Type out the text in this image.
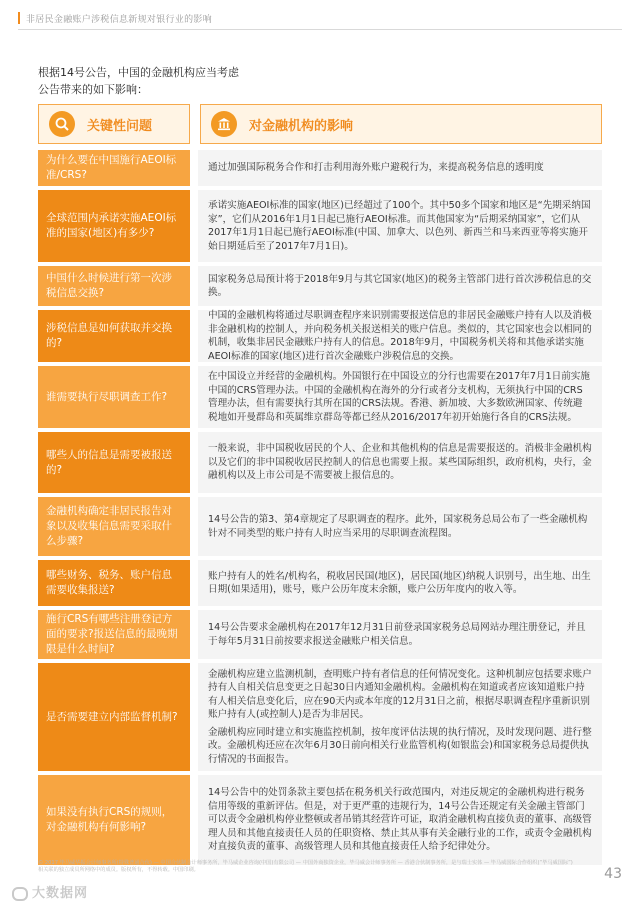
非居民金融账户涉税信息新规对银行业的影响
根据14号公告，中国的金融机构应当考虑
公告带来的如下影响：
关键性问题	对金融机构的影响
为什么要在中国施行AEOI标准/CRS?

通过加强国际税务合作和打击利用海外账户避税行为，来提高税务信息的透明度

全球范围内承诺实施AEOI标准的国家(地区)有多少?

承诺实施AEOI标准的国家(地区)已经超过了100个。其中50多个国家和地区是“先期采纳国家”，它们从2016年1月1日起已施行AEOI标准。而其他国家为“后期采纳国家”，它们从2017年1月1日起已施行AEOI标准(中国、加拿大、以色列、新西兰和马来西亚等将实施开始日期延后至了2017年7月1日)。

中国什么时候进行第一次涉税信息交换?

国家税务总局预计将于2018年9月与其它国家(地区)的税务主管部门进行首次涉税信息的交换。

涉税信息是如何获取并交换的?

中国的金融机构将通过尽职调查程序来识别需要报送信息的非居民金融账户持有人以及消极非金融机构的控制人，并向税务机关报送相关的账户信息。类似的，其它国家也会以相同的机制，收集非居民金融账户持有人的信息。2018年9月，中国税务机关将和其他承诺实施AEOI标准的国家(地区)进行首次金融账户涉税信息的交换。

谁需要执行尽职调查工作?

在中国设立并经营的金融机构。外国银行在中国设立的分行也需要在2017年7月1日前实施中国的CRS管理办法。中国的金融机构在海外的分行或者分支机构，无须执行中国的CRS管理办法，但有需要执行其所在国的CRS法规。香港、新加坡、大多数欧洲国家、传统避税地如开曼群岛和英属维京群岛等都已经从2016/2017年初开始施行各自的CRS法规。

哪些人的信息是需要被报送的?

一般来说，非中国税收居民的个人、企业和其他机构的信息是需要报送的。消极非金融机构以及它们的非中国税收居民控制人的信息也需要上报。某些国际组织，政府机构，央行，金融机构以及上市公司是不需要被上报信息的。

金融机构确定非居民报告对象以及收集信息需要采取什么步骤?

14号公告的第3、第4章规定了尽职调查的程序。此外，国家税务总局公布了一些金融机构针对不同类型的账户持有人时应当采用的尽职调查流程图。

哪些财务、税务、账户信息需要收集报送?

账户持有人的姓名/机构名，税收居民国(地区)，居民国(地区)纳税人识别号，出生地、出生日期(如果适用)，账号，账户公历年度末余额，账户公历年度内的收入等。

施行CRS有哪些注册登记方面的要求?报送信息的最晚期限是什么时间?

14号公告要求金融机构在2017年12月31日前登录国家税务总局网站办理注册登记，并且于每年5月31日前按要求报送金融账户相关信息。

是否需要建立内部监督机制?

金融机构应建立监测机制，查明账户持有者信息的任何情况变化。这种机制应包括要求账户持有人自相关信息变更之日起30日内通知金融机构。金融机构在知道或者应该知道账户持有人相关信息变化后，应在90天内或本年度的12月31日之前，根据尽职调查程序重新识别账户持有人(或控制人)是否为非居民。

金融机构应同时建立和实施监控机制，按年度评估法规的执行情况，及时发现问题、进行整改。金融机构还应在次年6月30日前向相关行业监管机构(如银监会)和国家税务总局提供执行情况的书面报告。

如果没有执行CRS的规则，对金融机构有何影响?

14号公告中的处罚条款主要包括在税务机关行政范围内，对违反规定的金融机构进行税务信用等级的重新评估。但是，对于更严重的违规行为，14号公告还规定有关金融主管部门可以责令金融机构停业整顿或者吊销其经营许可证，取消金融机构直接负责的董事、高级管理人员和其他直接责任人员的任职资格、禁止其从事有关金融行业的工作，或责令金融机构对直接负责的董事、高级管理人员和其他直接责任人给予纪律处分。

© 2017 毕马威华振会计师事务所(特殊普通合伙) — 中国合伙制会计师事务所，毕马威企业咨询(中国)有限公司 — 中国外商独资企业，毕马威会计师事务所 — 香港合伙制事务所，是与瑞士实体 — 毕马威国际合作组织(“毕马威国际”)相关联的独立成员所网络中的成员。版权所有，不得转载。中国印刷。	43
大数据网
